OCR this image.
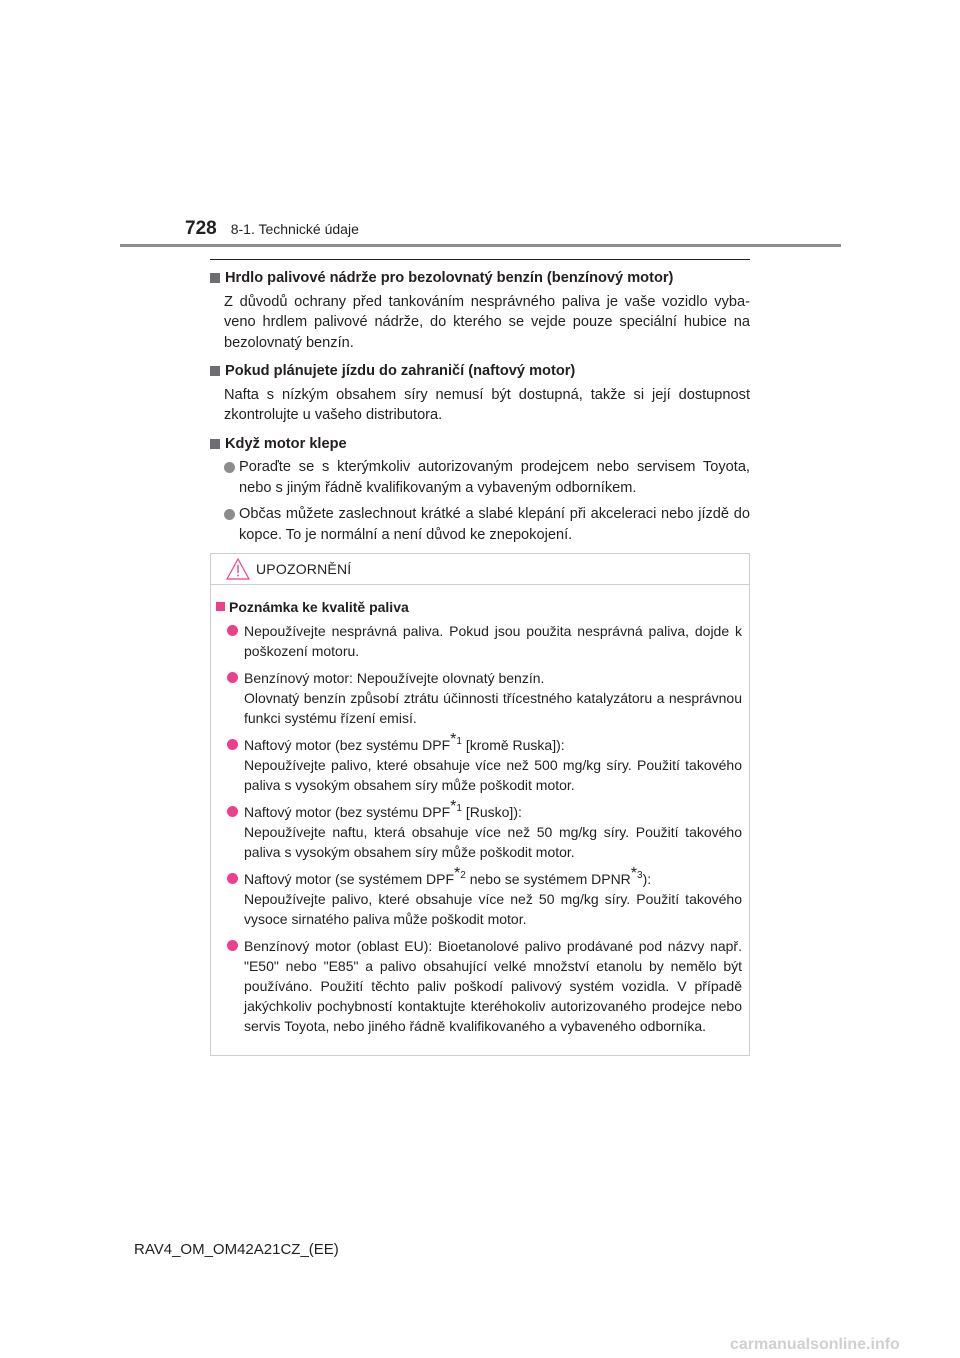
728 8-1. Technické údaje
Hrdlo palivové nádrže pro bezolovnatý benzín (benzínový motor)
Z důvodů ochrany před tankováním nesprávného paliva je vaše vozidlo vybaveno hrdlem palivové nádrže, do kterého se vejde pouze speciální hubice na bezolovnatý benzín.
Pokud plánujete jízdu do zahraničí (naftový motor)
Nafta s nízkým obsahem síry nemusí být dostupná, takže si její dostupnost zkontrolujte u vašeho distributora.
Když motor klepe
Poraďte se s kterýmkoliv autorizovaným prodejcem nebo servisem Toyota, nebo s jiným řádně kvalifikovaným a vybaveným odborníkem.
Občas můžete zaslechnout krátké a slabé klepání při akceleraci nebo jízdě do kopce. To je normální a není důvod ke znepokojení.
UPOZORNĚNÍ
Poznámka ke kvalitě paliva
Nepoužívejte nesprávná paliva. Pokud jsou použita nesprávná paliva, dojde k poškození motoru.
Benzínový motor: Nepoužívejte olovnatý benzín.
Olovnatý benzín způsobí ztrátu účinnosti třícestného katalyzátoru a nesprávnou funkci systému řízení emisí.
Naftový motor (bez systému DPF$^{*1}$ [kromě Ruska]):
Nepoužívejte palivo, které obsahuje více než 500 mg/kg síry. Použití takového paliva s vysokým obsahem síry může poškodit motor.
Naftový motor (bez systému DPF$^{*1}$ [Rusko]):
Nepoužívejte naftu, která obsahuje více než 50 mg/kg síry. Použití takového paliva s vysokým obsahem síry může poškodit motor.
Naftový motor (se systémem DPF$^{*2}$ nebo se systémem DPNR$^{*3}$):
Nepoužívejte palivo, které obsahuje více než 50 mg/kg síry. Použití takového vysoce sirnatého paliva může poškodit motor.
Benzínový motor (oblast EU): Bioetanolové palivo prodávané pod názvy např. "E50" nebo "E85" a palivo obsahující velké množství etanolu by nemělo být používáno. Použití těchto paliv poškodí palivový systém vozidla. V případě jakýchkoliv pochybností kontaktujte kteréhokoliv autorizovaného prodejce nebo servis Toyota, nebo jiného řádně kvalifikovaného a vybaveného odborníka.
RAV4_OM_OM42A21CZ_(EE)
carmanualsonline.info
